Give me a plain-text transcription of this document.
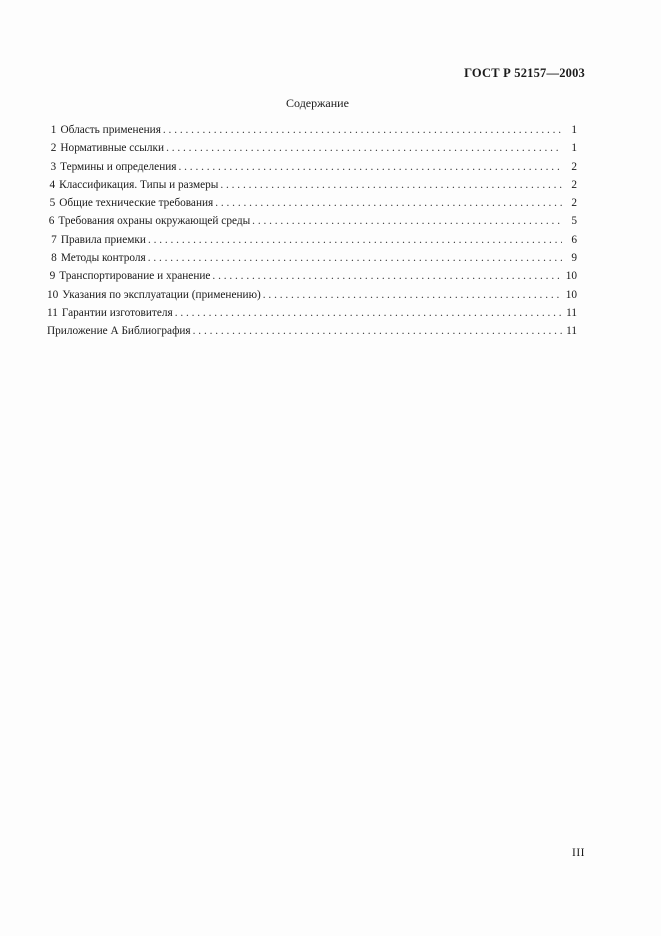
ГОСТ Р 52157—2003
Содержание
1 Область применения . . .	1
2 Нормативные ссылки . . .	1
3 Термины и определения . . .	2
4 Классификация. Типы и размеры . . .	2
5 Общие технические требования . . .	2
6 Требования охраны окружающей среды . . .	5
7 Правила приемки . . .	6
8 Методы контроля . . .	9
9 Транспортирование и хранение . . .	10
10 Указания по эксплуатации (применению) . . .	10
11 Гарантии изготовителя . . .	11
Приложение А Библиография . . .	11
III
